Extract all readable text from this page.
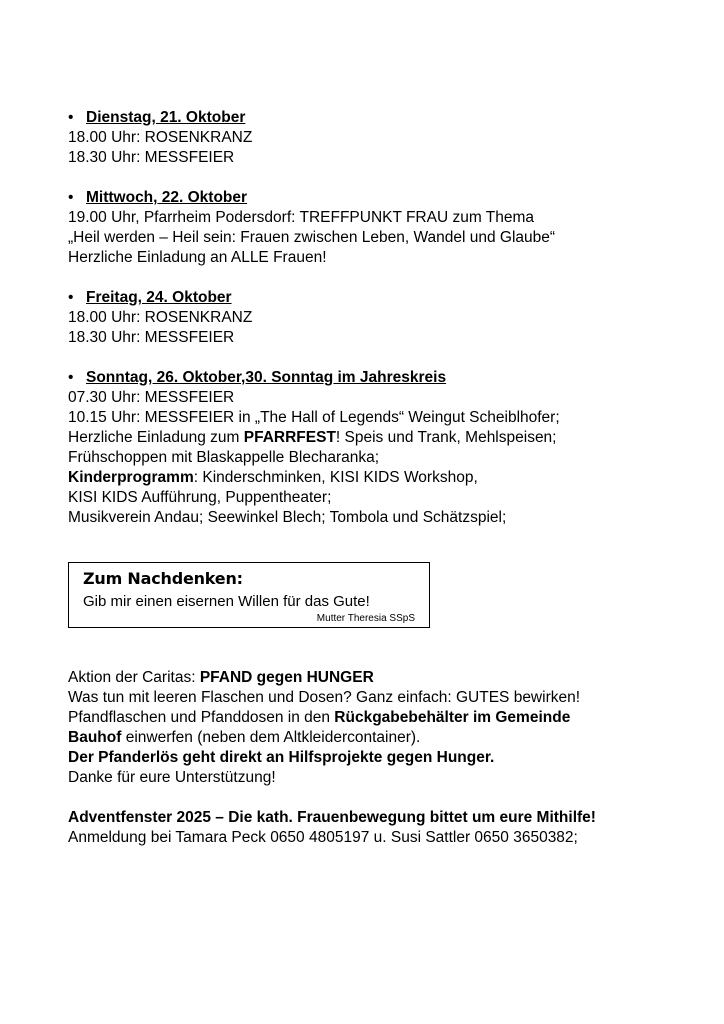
• Dienstag, 21. Oktober
18.00 Uhr: ROSENKRANZ
18.30 Uhr: MESSFEIER
• Mittwoch, 22. Oktober
19.00 Uhr, Pfarrheim Podersdorf: TREFFPUNKT FRAU zum Thema
„Heil werden – Heil sein: Frauen zwischen Leben, Wandel und Glaube“
Herzliche Einladung an ALLE Frauen!
• Freitag, 24. Oktober
18.00 Uhr: ROSENKRANZ
18.30 Uhr: MESSFEIER
• Sonntag, 26. Oktober,30. Sonntag im Jahreskreis
07.30 Uhr: MESSFEIER
10.15 Uhr: MESSFEIER in „The Hall of Legends“ Weingut Scheiblhofer;
Herzliche Einladung zum PFARRFEST! Speis und Trank, Mehlspeisen;
Frühschoppen mit Blaskappelle Blecharanka;
Kinderprogramm: Kinderschminken, KISI KIDS Workshop,
KISI KIDS Aufführung, Puppentheater;
Musikverein Andau; Seewinkel Blech; Tombola und Schätzspiel;
Zum Nachdenken:
Gib mir einen eisernen Willen für das Gute!
Mutter Theresia SSpS
Aktion der Caritas: PFAND gegen HUNGER
Was tun mit leeren Flaschen und Dosen? Ganz einfach: GUTES bewirken!
Pfandflaschen und Pfanddosen in den Rückgabebehälter im Gemeinde
Bauhof einwerfen (neben dem Altkleidercontainer).
Der Pfanderlös geht direkt an Hilfsprojekte gegen Hunger.
Danke für eure Unterstützung!
Adventfenster 2025 – Die kath. Frauenbewegung bittet um eure Mithilfe!
Anmeldung bei Tamara Peck 0650 4805197 u. Susi Sattler 0650 3650382;
